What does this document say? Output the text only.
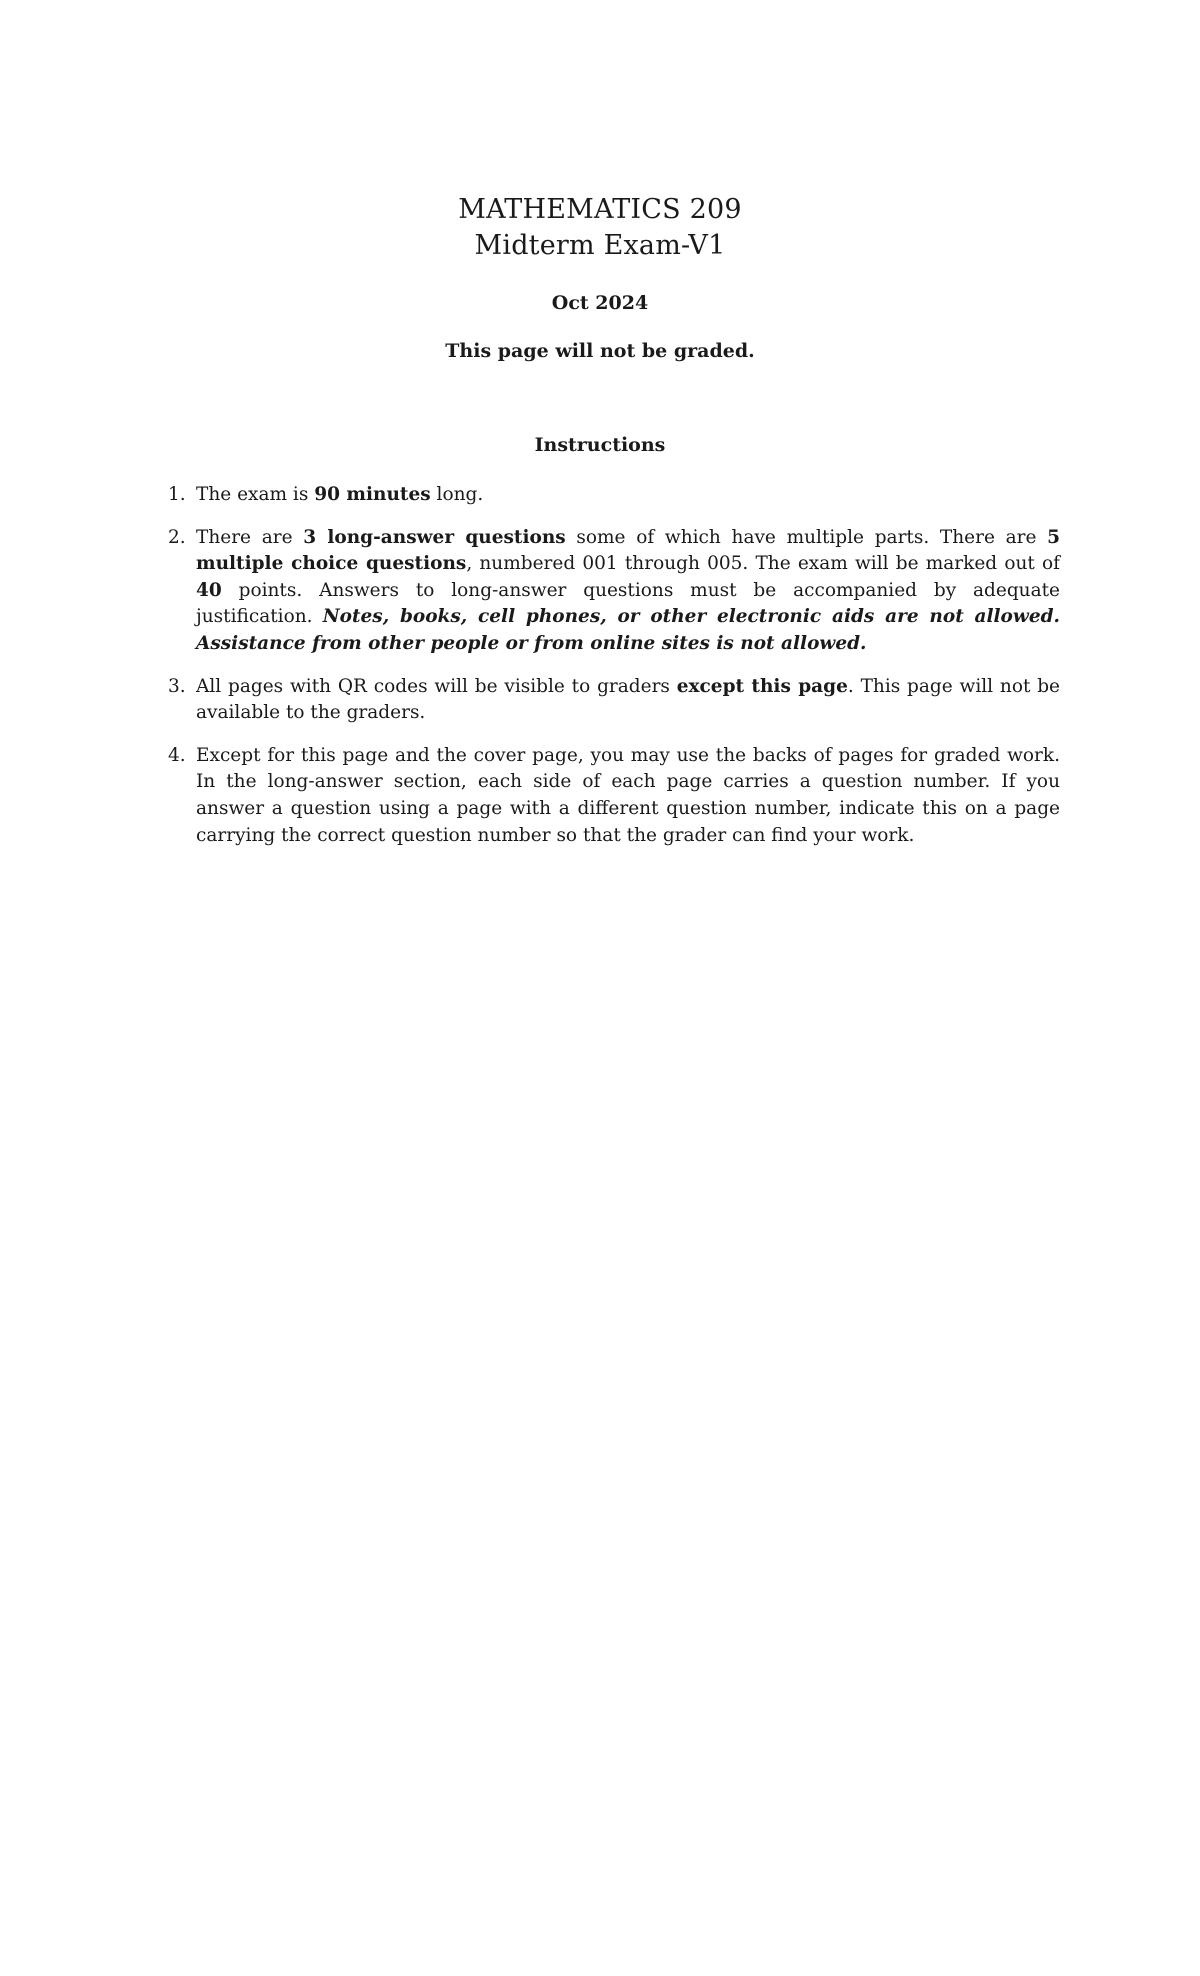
MATHEMATICS 209
Midterm Exam-V1
Oct 2024
This page will not be graded.
Instructions
1. The exam is 90 minutes long.
2. There are 3 long-answer questions some of which have multiple parts. There are 5 multiple choice questions, numbered 001 through 005. The exam will be marked out of 40 points. Answers to long-answer questions must be accompanied by adequate justification. Notes, books, cell phones, or other electronic aids are not allowed. Assistance from other people or from online sites is not allowed.
3. All pages with QR codes will be visible to graders except this page. This page will not be available to the graders.
4. Except for this page and the cover page, you may use the backs of pages for graded work. In the long-answer section, each side of each page carries a question number. If you answer a question using a page with a different question number, indicate this on a page carrying the correct question number so that the grader can find your work.
